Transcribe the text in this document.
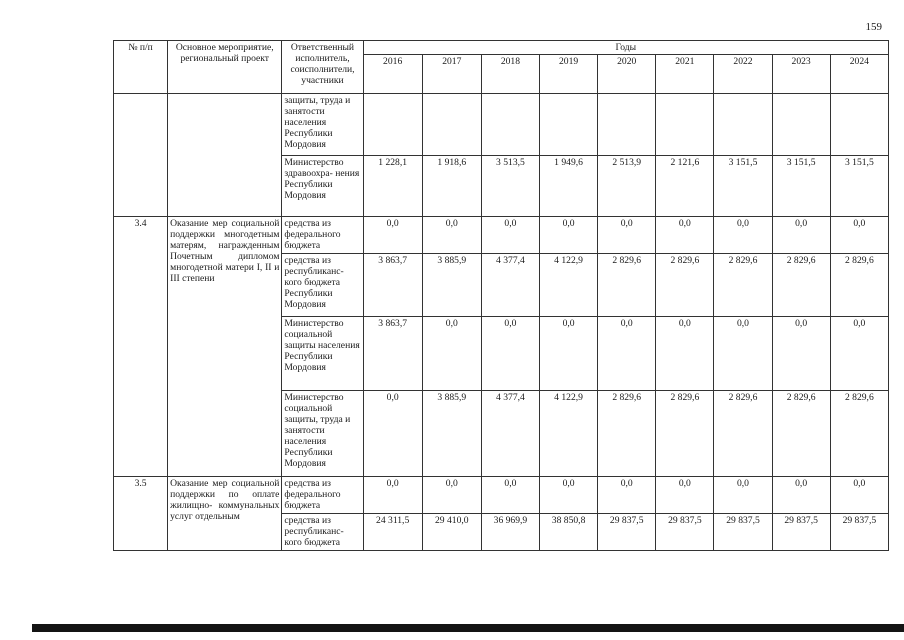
159
№ п/п	Основное мероприятие, региональный проект	Ответственный исполнитель, соисполнители, участники	Годы								
			2016	2017	2018	2019	2020	2021	2022	2023	2024
		защиты, труда и занятости населения Республики Мордовия									
		Министерство здравоохра- нения Республики Мордовия	1 228,1	1 918,6	3 513,5	1 949,6	2 513,9	2 121,6	3 151,5	3 151,5	3 151,5
3.4	Оказание мер социальной поддержки многодетным матерям, награжденным Почетным дипломом многодетной матери I, II и III степени	средства из федерального бюджета	0,0	0,0	0,0	0,0	0,0	0,0	0,0	0,0	0,0
		средства из республиканс- кого бюджета Республики Мордовия	3 863,7	3 885,9	4 377,4	4 122,9	2 829,6	2 829,6	2 829,6	2 829,6	2 829,6
		Министерство социальной защиты населения Республики Мордовия	3 863,7	0,0	0,0	0,0	0,0	0,0	0,0	0,0	0,0
		Министерство социальной защиты, труда и занятости населения Республики Мордовия	0,0	3 885,9	4 377,4	4 122,9	2 829,6	2 829,6	2 829,6	2 829,6	2 829,6
3.5	Оказание мер социальной поддержки по оплате жилищно- коммунальных услуг отдельным	средства из федерального бюджета	0,0	0,0	0,0	0,0	0,0	0,0	0,0	0,0	0,0
		средства из республиканс- кого бюджета	24 311,5	29 410,0	36 969,9	38 850,8	29 837,5	29 837,5	29 837,5	29 837,5	29 837,5
